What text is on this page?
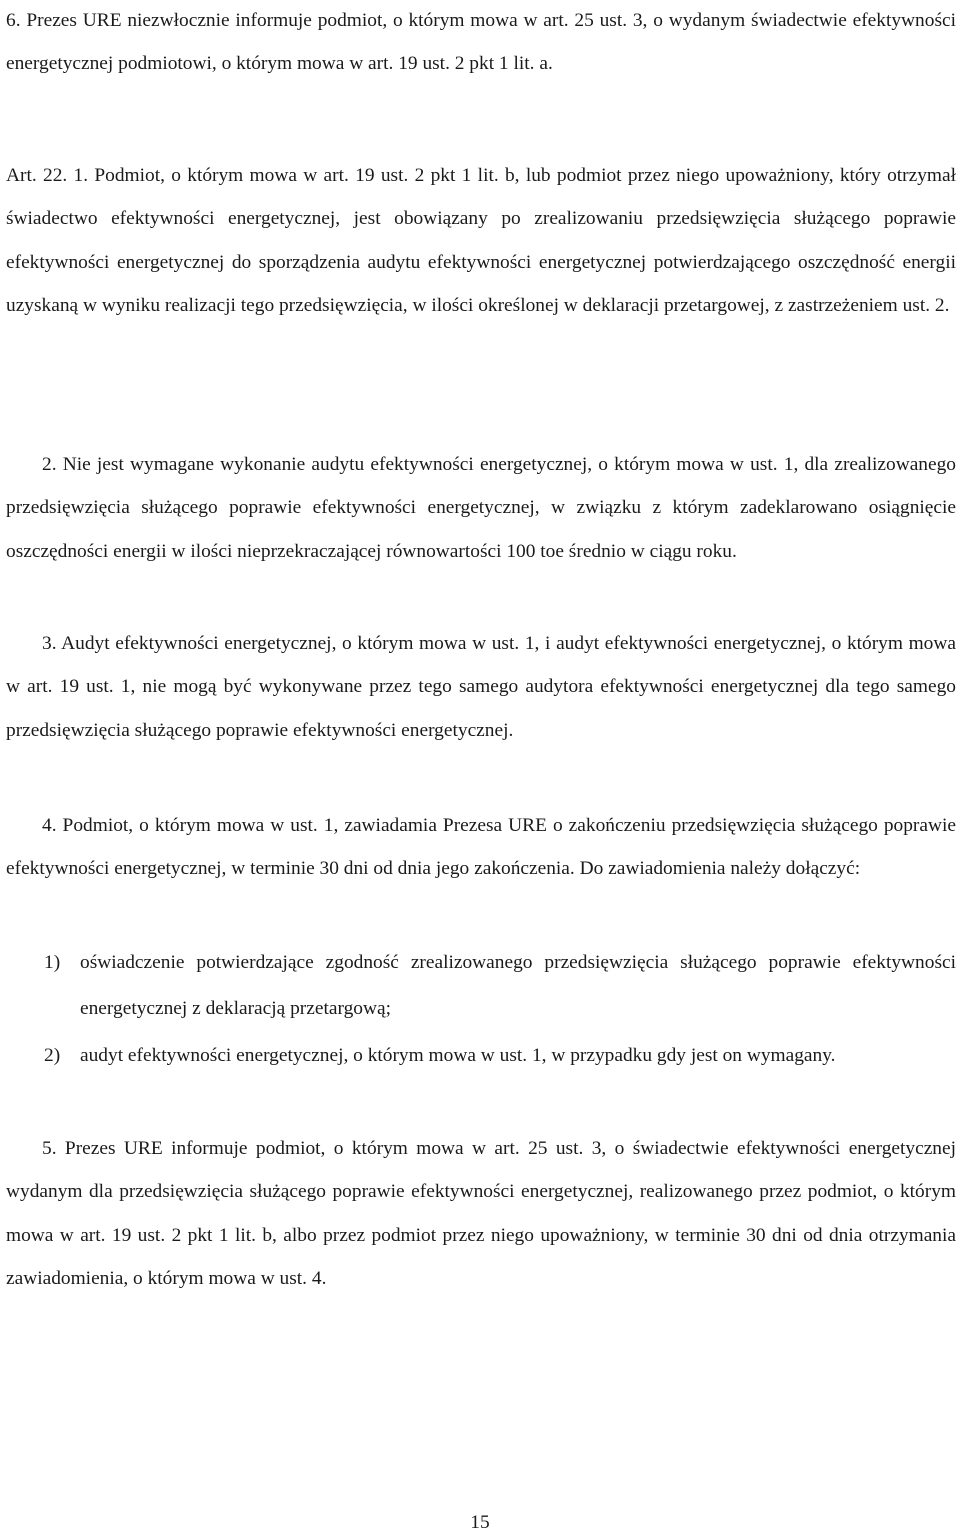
6. Prezes URE niezwłocznie informuje podmiot, o którym mowa w art. 25 ust. 3, o wydanym świadectwie efektywności energetycznej podmiotowi, o którym mowa w art. 19 ust. 2 pkt 1 lit. a.

Art. 22. 1. Podmiot, o którym mowa w art. 19 ust. 2 pkt 1 lit. b, lub podmiot przez niego upoważniony, który otrzymał świadectwo efektywności energetycznej, jest obowiązany po zrealizowaniu przedsięwzięcia służącego poprawie efektywności energetycznej do sporządzenia audytu efektywności energetycznej potwierdzającego oszczędność energii uzyskaną w wyniku realizacji tego przedsięwzięcia, w ilości określonej w deklaracji przetargowej, z zastrzeżeniem ust. 2.

2. Nie jest wymagane wykonanie audytu efektywności energetycznej, o którym mowa w ust. 1, dla zrealizowanego przedsięwzięcia służącego poprawie efektywności energetycznej, w związku z którym zadeklarowano osiągnięcie oszczędności energii w ilości nieprzekraczającej równowartości 100 toe średnio w ciągu roku.

3. Audyt efektywności energetycznej, o którym mowa w ust. 1, i audyt efektywności energetycznej, o którym mowa w art. 19 ust. 1, nie mogą być wykonywane przez tego samego audytora efektywności energetycznej dla tego samego przedsięwzięcia służącego poprawie efektywności energetycznej.

4. Podmiot, o którym mowa w ust. 1, zawiadamia Prezesa URE o zakończeniu przedsięwzięcia służącego poprawie efektywności energetycznej, w terminie 30 dni od dnia jego zakończenia. Do zawiadomienia należy dołączyć:

1)	oświadczenie potwierdzające zgodność zrealizowanego przedsięwzięcia służącego poprawie efektywności energetycznej z deklaracją przetargową;
2)	audyt efektywności energetycznej, o którym mowa w ust. 1, w przypadku gdy jest on wymagany.

5. Prezes URE informuje podmiot, o którym mowa w art. 25 ust. 3, o świadectwie efektywności energetycznej wydanym dla przedsięwzięcia służącego poprawie efektywności energetycznej, realizowanego przez podmiot, o którym mowa w art. 19 ust. 2 pkt 1 lit. b, albo przez podmiot przez niego upoważniony, w terminie 30 dni od dnia otrzymania zawiadomienia, o którym mowa w ust. 4.

15
